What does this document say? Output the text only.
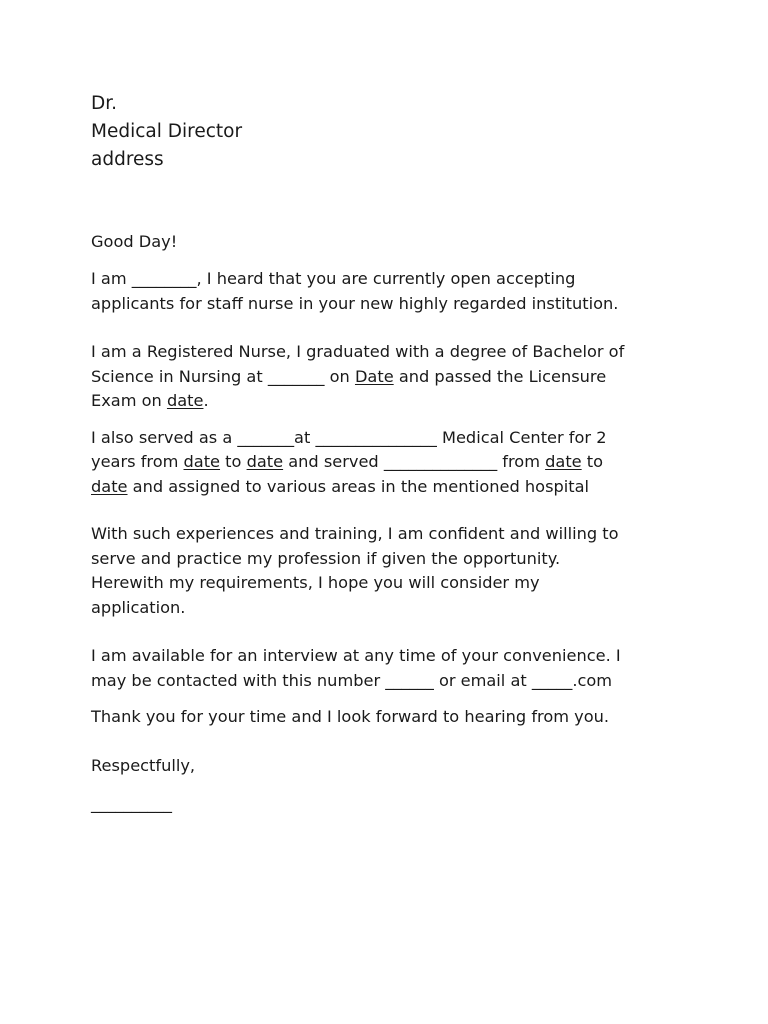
Dr.
Medical Director
address
Good Day!
I am ________, I heard that you are currently open accepting
applicants for staff nurse in your new highly regarded institution.
I am a Registered Nurse, I graduated with a degree of Bachelor of
Science in Nursing at _______ on Date and passed the Licensure
Exam on date.
I also served as a _______at _______________ Medical Center for 2
years from date to date and served ______________ from date to
date and assigned to various areas in the mentioned hospital
With such experiences and training, I am confident and willing to
serve and practice my profession if given the opportunity.
Herewith my requirements, I hope you will consider my
application.
I am available for an interview at any time of your convenience. I
may be contacted with this number ______ or email at _____.com
Thank you for your time and I look forward to hearing from you.
Respectfully,
__________
